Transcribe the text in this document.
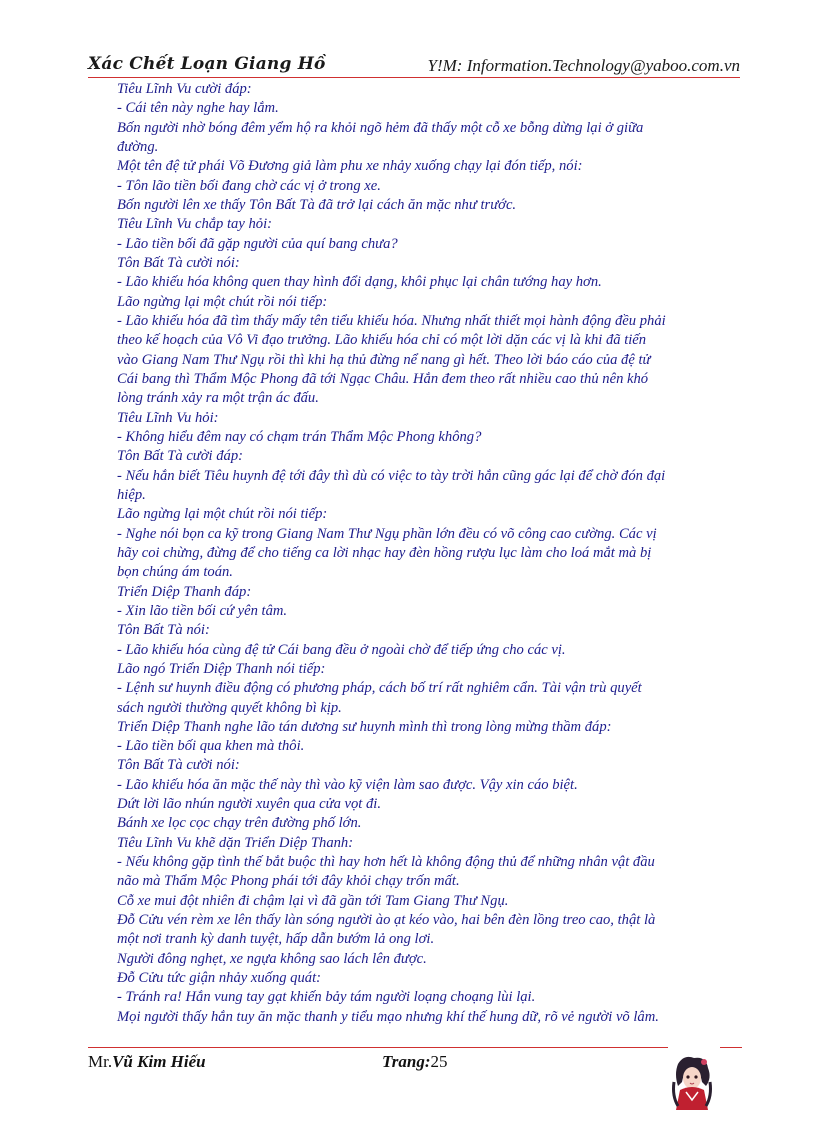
Xác Chết Loạn Giang Hồ	Y!M: Information.Technology@yaboo.com.vn

Tiêu Lĩnh Vu cười đáp:

- Cái tên này nghe hay lắm.

Bốn người nhờ bóng đêm yểm hộ ra khỏi ngõ hẻm đã thấy một cỗ xe bỗng dừng lại ở giữa

đường.

Một tên đệ tử phái Võ Đương giả làm phu xe nhảy xuống chạy lại đón tiếp, nói:

- Tôn lão tiền bối đang chờ các vị ở trong xe.

Bốn người lên xe thấy Tôn Bất Tà đã trở lại cách ăn mặc như trước.

Tiêu Lĩnh Vu chắp tay hỏi:

- Lão tiền bối đã gặp người của quí bang chưa?

Tôn Bất Tà cười nói:

- Lão khiếu hóa không quen thay hình đổi dạng, khôi phục lại chân tướng hay hơn.

Lão ngừng lại một chút rồi nói tiếp:

- Lão khiếu hóa đã tìm thấy mấy tên tiểu khiếu hóa. Nhưng nhất thiết mọi hành động đều phải

theo kế hoạch của Vô Vi đạo trưởng. Lão khiếu hóa chỉ có một lời dặn các vị là khi đã tiến

vào Giang Nam Thư Ngụ rồi thì khi hạ thủ đừng nể nang gì hết. Theo lời báo cáo của đệ tử

Cái bang thì Thẩm Mộc Phong đã tới Ngạc Châu. Hắn đem theo rất nhiều cao thủ nên khó

lòng tránh xảy ra một trận ác đấu.

Tiêu Lĩnh Vu hỏi:

- Không hiểu đêm nay có chạm trán Thẩm Mộc Phong không?

Tôn Bất Tà cười đáp:

- Nếu hắn biết Tiêu huynh đệ tới đây thì dù có việc to tày trời hắn cũng gác lại để chờ đón đại

hiệp.

Lão ngừng lại một chút rồi nói tiếp:

- Nghe nói bọn ca kỹ trong Giang Nam Thư Ngụ phần lớn đều có võ công cao cường. Các vị

hãy coi chừng, đừng để cho tiếng ca lời nhạc hay đèn hồng rượu lục làm cho loá mắt mà bị

bọn chúng ám toán.

Triển Diệp Thanh đáp:

- Xin lão tiền bối cứ yên tâm.

Tôn Bất Tà nói:

- Lão khiếu hóa cùng đệ tử Cái bang đều ở ngoài chờ để tiếp ứng cho các vị.

Lão ngó Triển Diệp Thanh nói tiếp:

- Lệnh sư huynh điều động có phương pháp, cách bố trí rất nghiêm cẩn. Tài vận trù quyết

sách người thường quyết không bì kịp.

Triển Diệp Thanh nghe lão tán dương sư huynh mình thì trong lòng mừng thầm đáp:

- Lão tiền bối qua khen mà thôi.

Tôn Bất Tà cười nói:

- Lão khiếu hóa ăn mặc thế này thì vào kỹ viện làm sao được. Vậy xin cáo biệt.

Dứt lời lão nhún người xuyên qua cửa vọt đi.

Bánh xe lọc cọc chạy trên đường phố lớn.

Tiêu Lĩnh Vu khẽ dặn Triển Diệp Thanh:

- Nếu không gặp tình thế bắt buộc thì hay hơn hết là không động thủ để những nhân vật đầu

não mà Thẩm Mộc Phong phái tới đây khỏi chạy trốn mất.

Cỗ xe mui đột nhiên đi chậm lại vì đã gần tới Tam Giang Thư Ngụ.

Đỗ Cửu vén rèm xe lên thấy làn sóng người ào ạt kéo vào, hai bên đèn lồng treo cao, thật là

một nơi tranh kỳ danh tuyệt, hấp dẫn bướm lả ong lơi.

Người đông nghẹt, xe ngựa không sao lách lên được.

Đỗ Cửu tức giận nhảy xuống quát:

- Tránh ra! Hắn vung tay gạt khiến bảy tám người loạng choạng lùi lại.

Mọi người thấy hắn tuy ăn mặc thanh y tiểu mạo nhưng khí thế hung dữ, rõ vẻ người võ lâm.

Mr.Vũ Kim Hiếu	Trang:25
